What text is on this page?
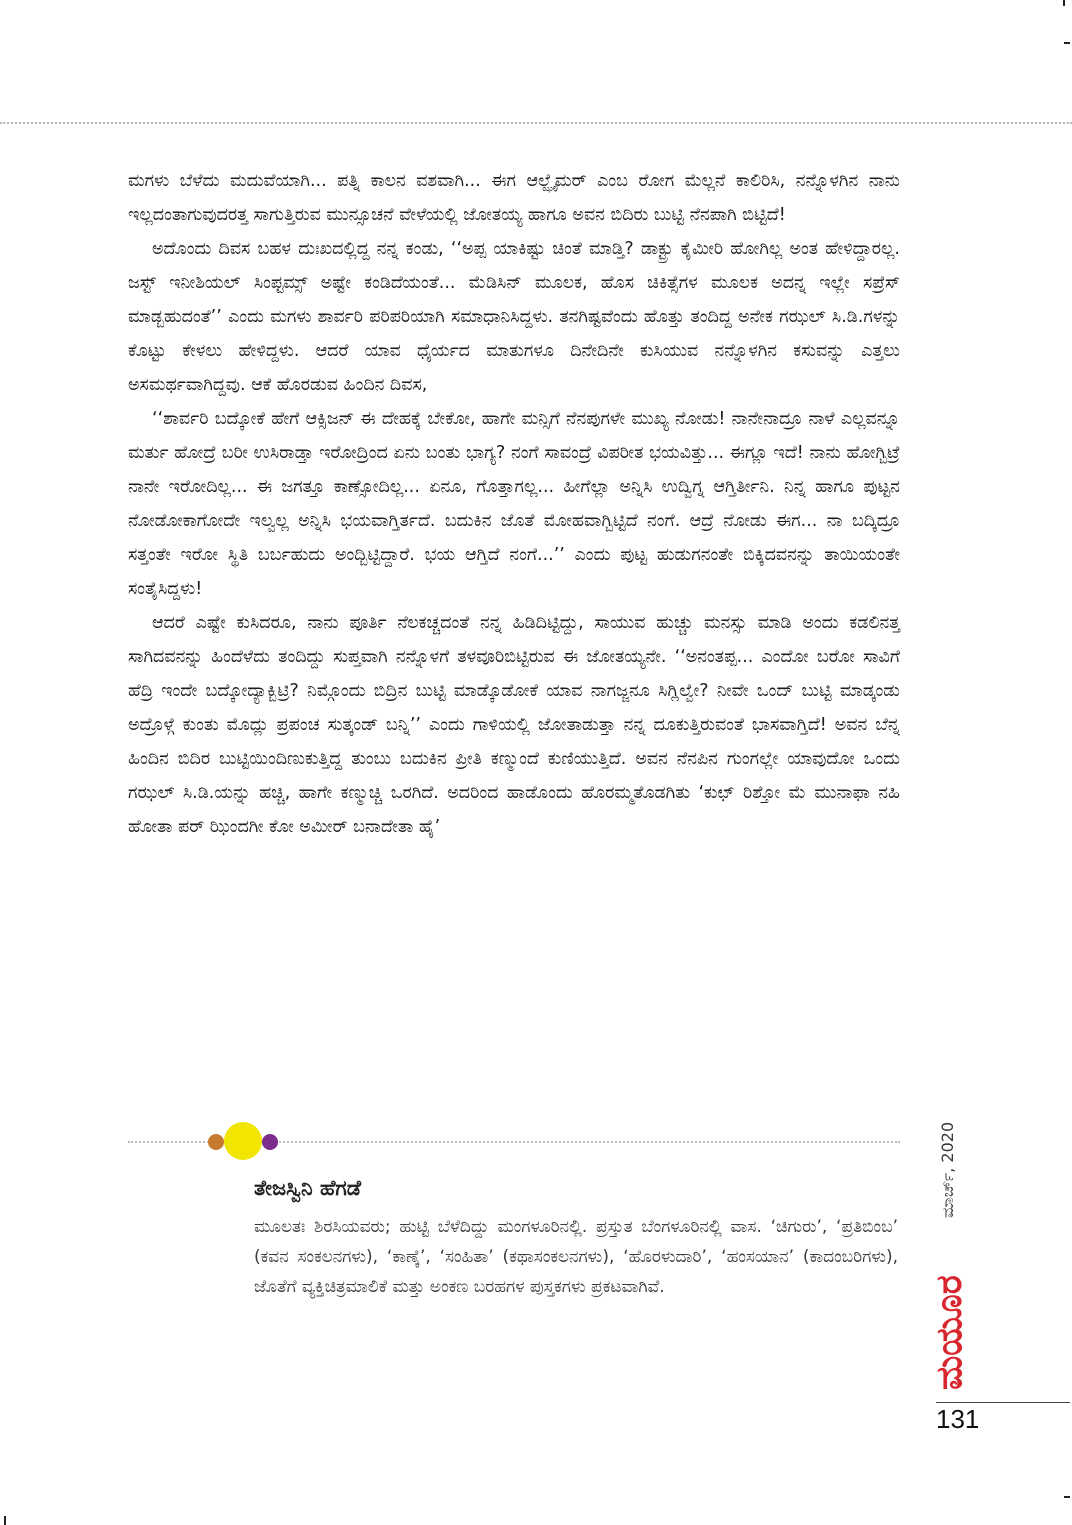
ಮಗಳು ಬೆಳೆದು ಮದುವೆಯಾಗಿ... ಪತ್ನಿ ಕಾಲನ ವಶವಾಗಿ... ಈಗ ಆಲ್ಝೈಮರ್ ಎಂಬ ರೋಗ ಮೆಲ್ಲನೆ ಕಾಲಿರಿಸಿ, ನನ್ನೊಳಗಿನ ನಾನು ಇಲ್ಲದಂತಾಗುವುದರತ್ತ ಸಾಗುತ್ತಿರುವ ಮುನ್ಸೂಚನೆ ವೇಳೆಯಲ್ಲಿ ಜೋತಯ್ಯ ಹಾಗೂ ಅವನ ಬಿದಿರು ಬುಟ್ಟಿ ನೆನಪಾಗಿ ಬಿಟ್ಟಿದೆ!

ಅದೊಂದು ದಿವಸ ಬಹಳ ದುಃಖದಲ್ಲಿದ್ದ ನನ್ನ ಕಂಡು, ‘‘ಅಪ್ಪ ಯಾಕಿಷ್ಟು ಚಿಂತೆ ಮಾಡ್ತಿ? ಡಾಕ್ಟ್ರು ಕೈಮೀರಿ ಹೋಗಿಲ್ಲ ಅಂತ ಹೇಳಿದ್ದಾರಲ್ಲ. ಜಸ್ಟ್ ಇನೀಶಿಯಲ್ ಸಿಂಪ್ಟಮ್ಸ್ ಅಷ್ಟೇ ಕಂಡಿದೆಯಂತೆ... ಮೆಡಿಸಿನ್ ಮೂಲಕ, ಹೊಸ ಚಿಕಿತ್ಸೆಗಳ ಮೂಲಕ ಅದನ್ನ ಇಲ್ಲೇ ಸಪ್ರೆಸ್ ಮಾಡ್ಬಹುದಂತೆ’’ ಎಂದು ಮಗಳು ಶಾರ್ವರಿ ಪರಿಪರಿಯಾಗಿ ಸಮಾಧಾನಿಸಿದ್ದಳು. ತನಗಿಷ್ಟವೆಂದು ಹೊತ್ತು ತಂದಿದ್ದ ಅನೇಕ ಗಝಲ್ ಸಿ.ಡಿ.ಗಳನ್ನು ಕೊಟ್ಟು ಕೇಳಲು ಹೇಳಿದ್ದಳು. ಆದರೆ ಯಾವ ಧೈರ್ಯದ ಮಾತುಗಳೂ ದಿನೇದಿನೇ ಕುಸಿಯುವ ನನ್ನೊಳಗಿನ ಕಸುವನ್ನು ಎತ್ತಲು ಅಸಮರ್ಥವಾಗಿದ್ದವು. ಆಕೆ ಹೊರಡುವ ಹಿಂದಿನ ದಿವಸ,

‘‘ಶಾರ್ವರಿ ಬದ್ಕೋಕೆ ಹೇಗೆ ಆಕ್ಸಿಜನ್ ಈ ದೇಹಕ್ಕೆ ಬೇಕೋ, ಹಾಗೇ ಮನ್ಸಿಗೆ ನೆನಪುಗಳೇ ಮುಖ್ಯ ನೋಡು! ನಾನೇನಾದ್ರೂ ನಾಳೆ ಎಲ್ಲವನ್ನೂ ಮರ್ತು ಹೋದ್ರೆ ಬರೀ ಉಸಿರಾಡ್ತಾ ಇರೋದ್ರಿಂದ ಏನು ಬಂತು ಭಾಗ್ಯ? ನಂಗೆ ಸಾವಂದ್ರೆ ವಿಪರೀತ ಭಯವಿತ್ತು... ಈಗ್ಲೂ ಇದೆ! ನಾನು ಹೋಗ್ಬಿಟ್ರೆ ನಾನೇ ಇರೋದಿಲ್ಲ... ಈ ಜಗತ್ತೂ ಕಾಣ್ಸೋದಿಲ್ಲ... ಏನೂ, ಗೊತ್ತಾಗಲ್ಲ... ಹೀಗೆಲ್ಲಾ ಅನ್ನಿಸಿ ಉದ್ವಿಗ್ನ ಆಗ್ತಿರ್ತೀನಿ. ನಿನ್ನ ಹಾಗೂ ಪುಟ್ಟನ ನೋಡೋಕಾಗೋದೇ ಇಲ್ವಲ್ಲ ಅನ್ನಿಸಿ ಭಯವಾಗ್ತಿರ್ತದೆ. ಬದುಕಿನ ಜೊತೆ ಮೋಹವಾಗ್ಬಿಟ್ಟಿದೆ ನಂಗೆ. ಆದ್ರೆ ನೋಡು ಈಗ... ನಾ ಬದ್ಕಿದ್ರೂ ಸತ್ತಂತೇ ಇರೋ ಸ್ಥಿತಿ ಬರ್ಬಹುದು ಅಂದ್ಬಿಟ್ಟಿದ್ದಾರೆ. ಭಯ ಆಗ್ತಿದೆ ನಂಗೆ...’’ ಎಂದು ಪುಟ್ಟ ಹುಡುಗನಂತೇ ಬಿಕ್ಕಿದವನನ್ನು ತಾಯಿಯಂತೇ ಸಂತೈಸಿದ್ದಳು!

ಆದರೆ ಎಷ್ಟೇ ಕುಸಿದರೂ, ನಾನು ಪೂರ್ತಿ ನೆಲಕಚ್ಚದಂತೆ ನನ್ನ ಹಿಡಿದಿಟ್ಟಿದ್ದು, ಸಾಯುವ ಹುಚ್ಚು ಮನಸ್ಸು ಮಾಡಿ ಅಂದು ಕಡಲಿನತ್ತ ಸಾಗಿದವನನ್ನು ಹಿಂದೆಳೆದು ತಂದಿದ್ದು ಸುಪ್ತವಾಗಿ ನನ್ನೊಳಗೆ ತಳವೂರಿಬಿಟ್ಟಿರುವ ಈ ಜೋತಯ್ಯನೇ. ‘‘ಅನಂತಪ್ಪ... ಎಂದೋ ಬರೋ ಸಾವಿಗೆ ಹೆದ್ರಿ ಇಂದೇ ಬದ್ಕೋದ್ಯಾಕ್ಬಿಟ್ರಿ? ನಿಮ್ಗೊಂದು ಬಿದ್ರಿನ ಬುಟ್ಟಿ ಮಾಡ್ಕೊಡೋಕೆ ಯಾವ ನಾಗಜ್ಜನೂ ಸಿಗ್ಲಿಲ್ವೇ? ನೀವೇ ಒಂದ್ ಬುಟ್ಟಿ ಮಾಡ್ಕಂಡು ಅದ್ರೊಳ್ಗೆ ಕುಂತು ಮೊದ್ಲು ಪ್ರಪಂಚ ಸುತ್ಕಂಡ್ ಬನ್ನಿ’’ ಎಂದು ಗಾಳಿಯಲ್ಲಿ ಜೋತಾಡುತ್ತಾ ನನ್ನ ದೂಕುತ್ತಿರುವಂತೆ ಭಾಸವಾಗ್ತಿದೆ! ಅವನ ಬೆನ್ನ ಹಿಂದಿನ ಬಿದಿರ ಬುಟ್ಟಿಯಿಂದಿಣುಕುತ್ತಿದ್ದ ತುಂಬು ಬದುಕಿನ ಪ್ರೀತಿ ಕಣ್ಮುಂದೆ ಕುಣಿಯುತ್ತಿದೆ. ಅವನ ನೆನಪಿನ ಗುಂಗಲ್ಲೇ ಯಾವುದೋ ಒಂದು ಗಝಲ್ ಸಿ.ಡಿ.ಯನ್ನು ಹಚ್ಚಿ, ಹಾಗೇ ಕಣ್ಮುಚ್ಚಿ ಒರಗಿದೆ. ಅದರಿಂದ ಹಾಡೊಂದು ಹೊರಮ್ಮತೊಡಗಿತು ‘ಕುಛ್ ರಿಶ್ತೋ ಮೆ ಮುನಾಫಾ ನಹಿ ಹೋತಾ ಪರ್ ಝಿಂದಗೀ ಕೋ ಅಮೀರ್ ಬನಾದೇತಾ ಹೈ’

ತೇಜಸ್ವಿನಿ ಹೆಗಡೆ
ಮೂಲತಃ ಶಿರಸಿಯವರು; ಹುಟ್ಟಿ ಬೆಳೆದಿದ್ದು ಮಂಗಳೂರಿನಲ್ಲಿ. ಪ್ರಸ್ತುತ ಬೆಂಗಳೂರಿನಲ್ಲಿ ವಾಸ. ‘ಚಿಗುರು’, ‘ಪ್ರತಿಬಿಂಬ’ (ಕವನ ಸಂಕಲನಗಳು), ‘ಕಾಣ್ಕೆ’, ‘ಸಂಹಿತಾ’ (ಕಥಾಸಂಕಲನಗಳು), ‘ಹೊರಳುದಾರಿ’, ‘ಹಂಸಯಾನ’ (ಕಾದಂಬರಿಗಳು), ಜೊತೆಗೆ ವ್ಯಕ್ತಿಚಿತ್ರಮಾಲಿಕೆ ಮತ್ತು ಅಂಕಣ ಬರಹಗಳ ಪುಸ್ತಕಗಳು ಪ್ರಕಟವಾಗಿವೆ.
ಮಾರ್ಚ್, 2020
ಮಯೂರ
131
